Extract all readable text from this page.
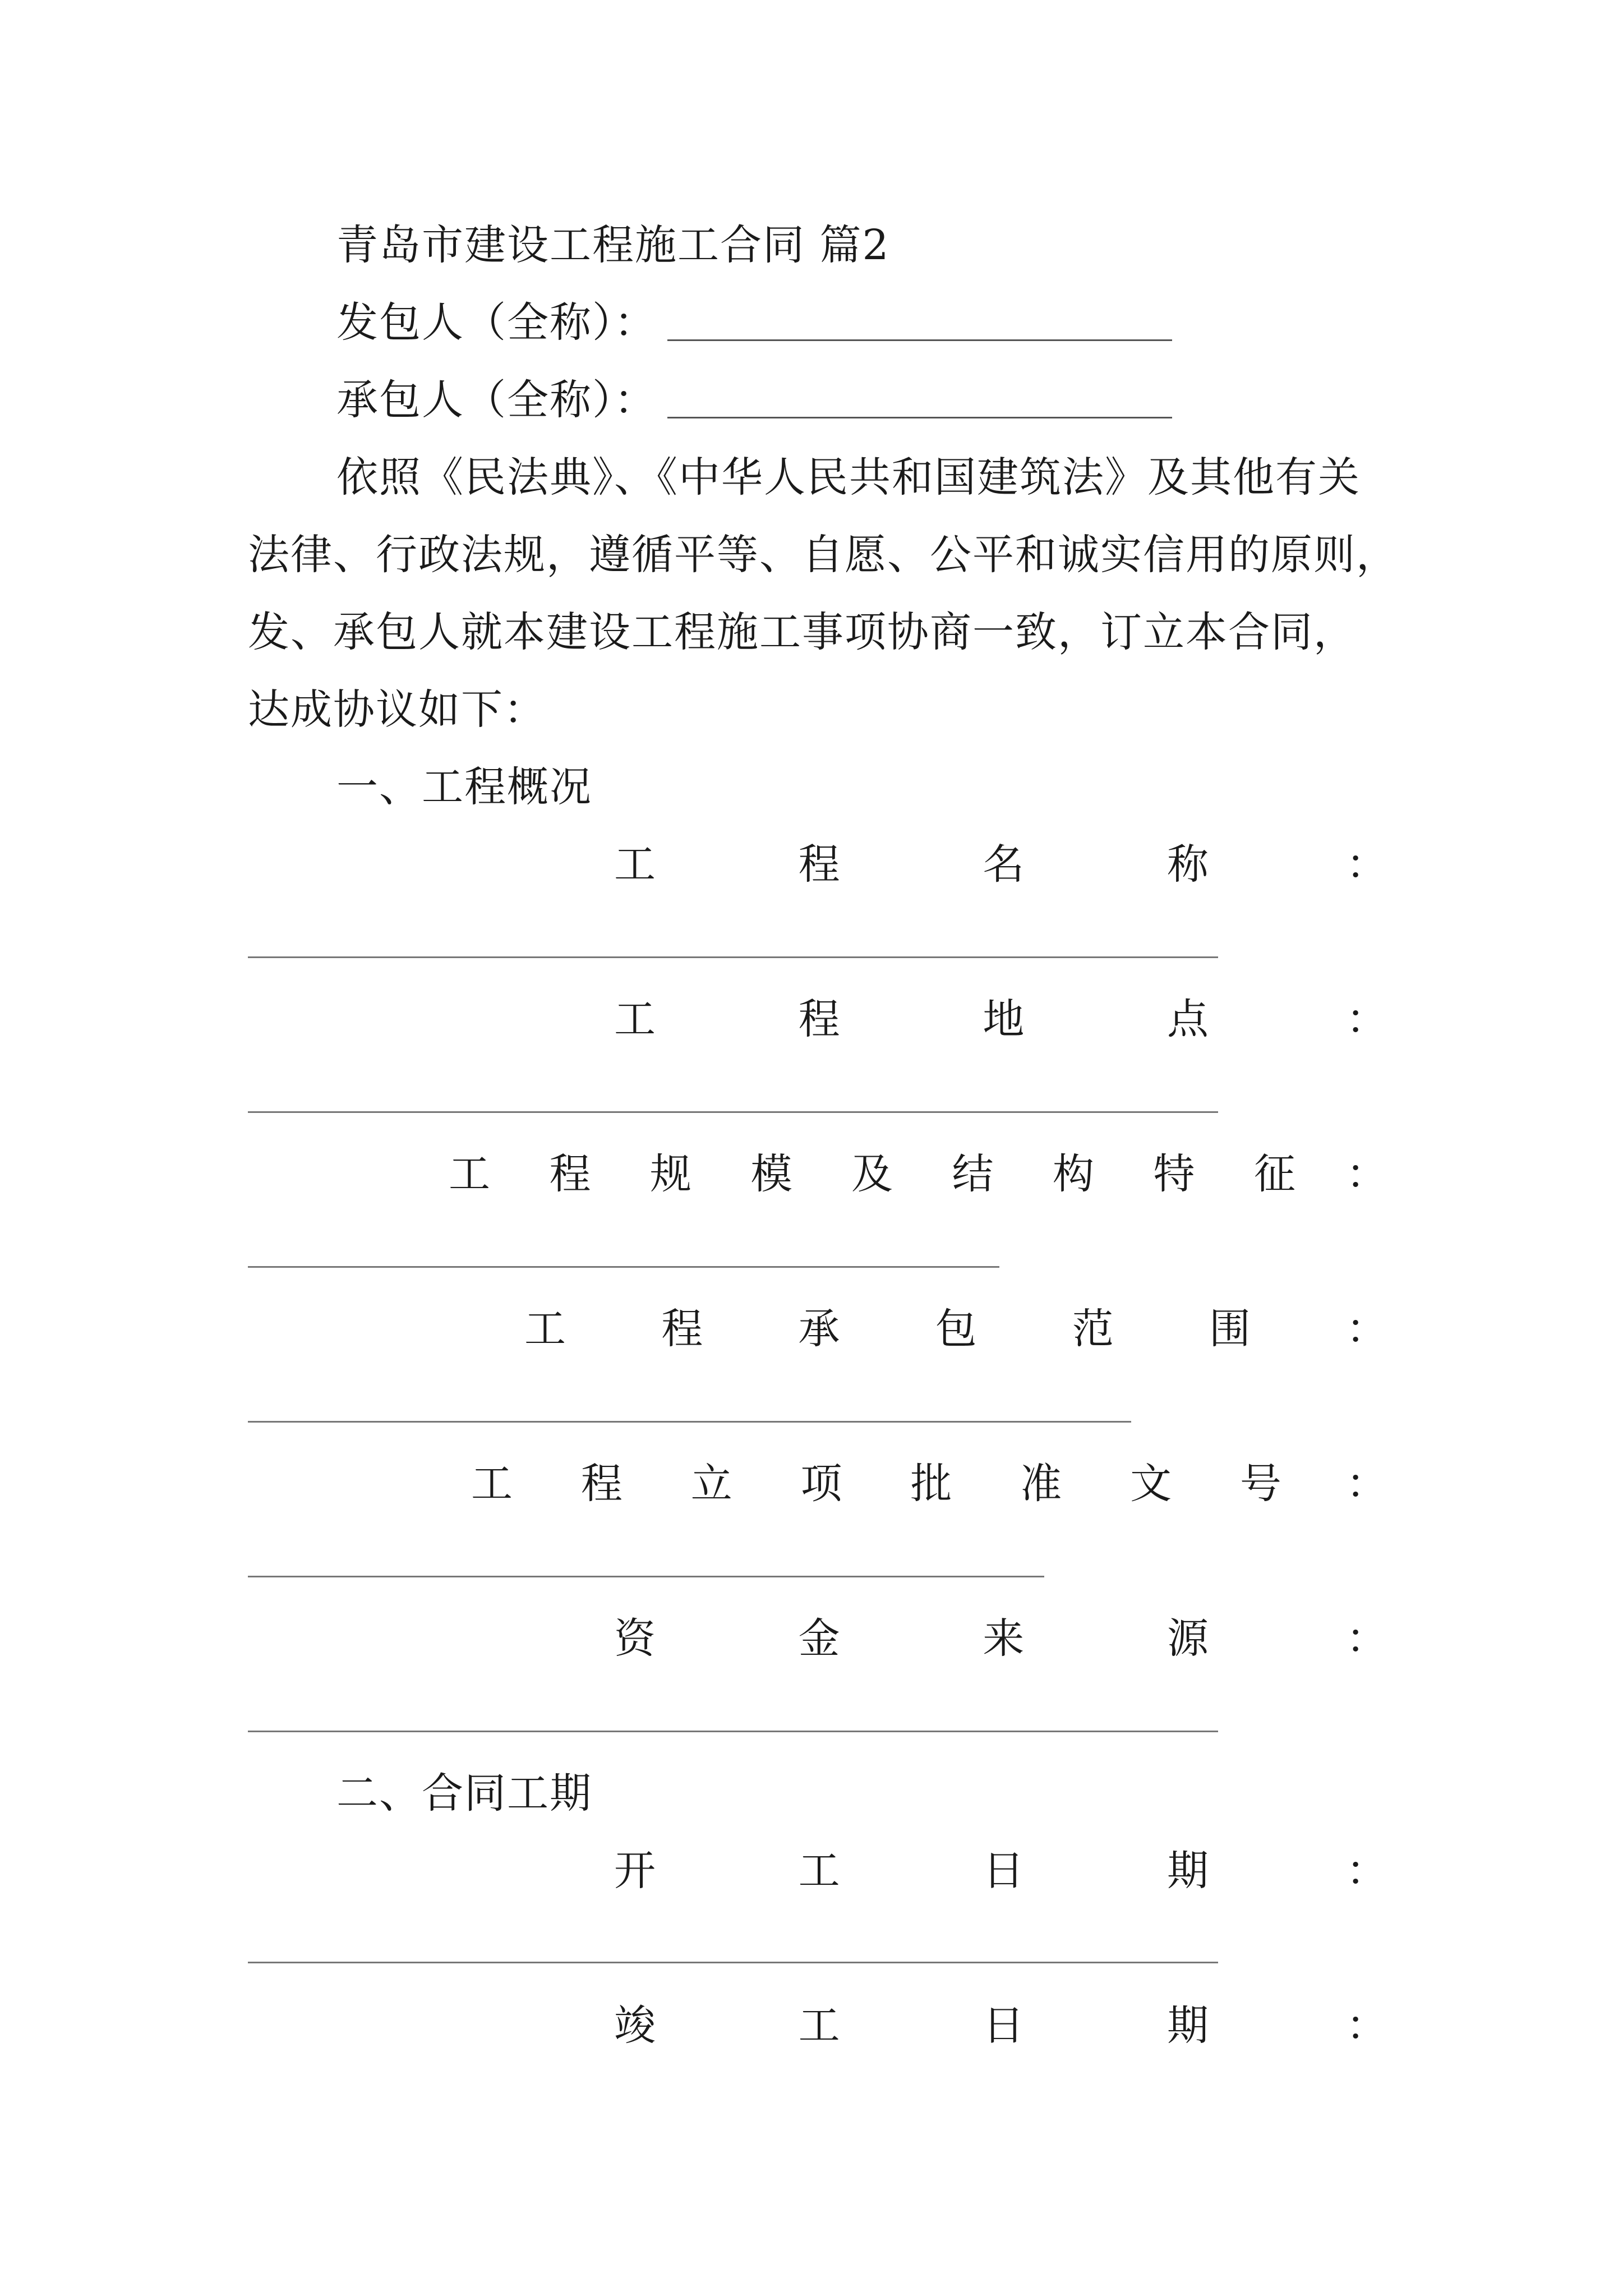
青岛市建设工程施工合同 篇2
发包人（全称）：
承包人（全称）：
依照《民法典》、《中华人民共和国建筑法》及其他有关
法律、行政法规，遵循平等、自愿、公平和诚实信用的原则，
发、承包人就本建设工程施工事项协商一致，订立本合同，
达成协议如下：
一、工程概况
工	程	名	称	：
工	程	地	点	：
工 程 规 模 及 结 构 特 征 ：
工 程 承 包 范 围 ：
工 程 立 项 批 准 文 号 ：
资	金	来	源	：
二、合同工期
开	工	日	期	：
竣	工	日	期	：
